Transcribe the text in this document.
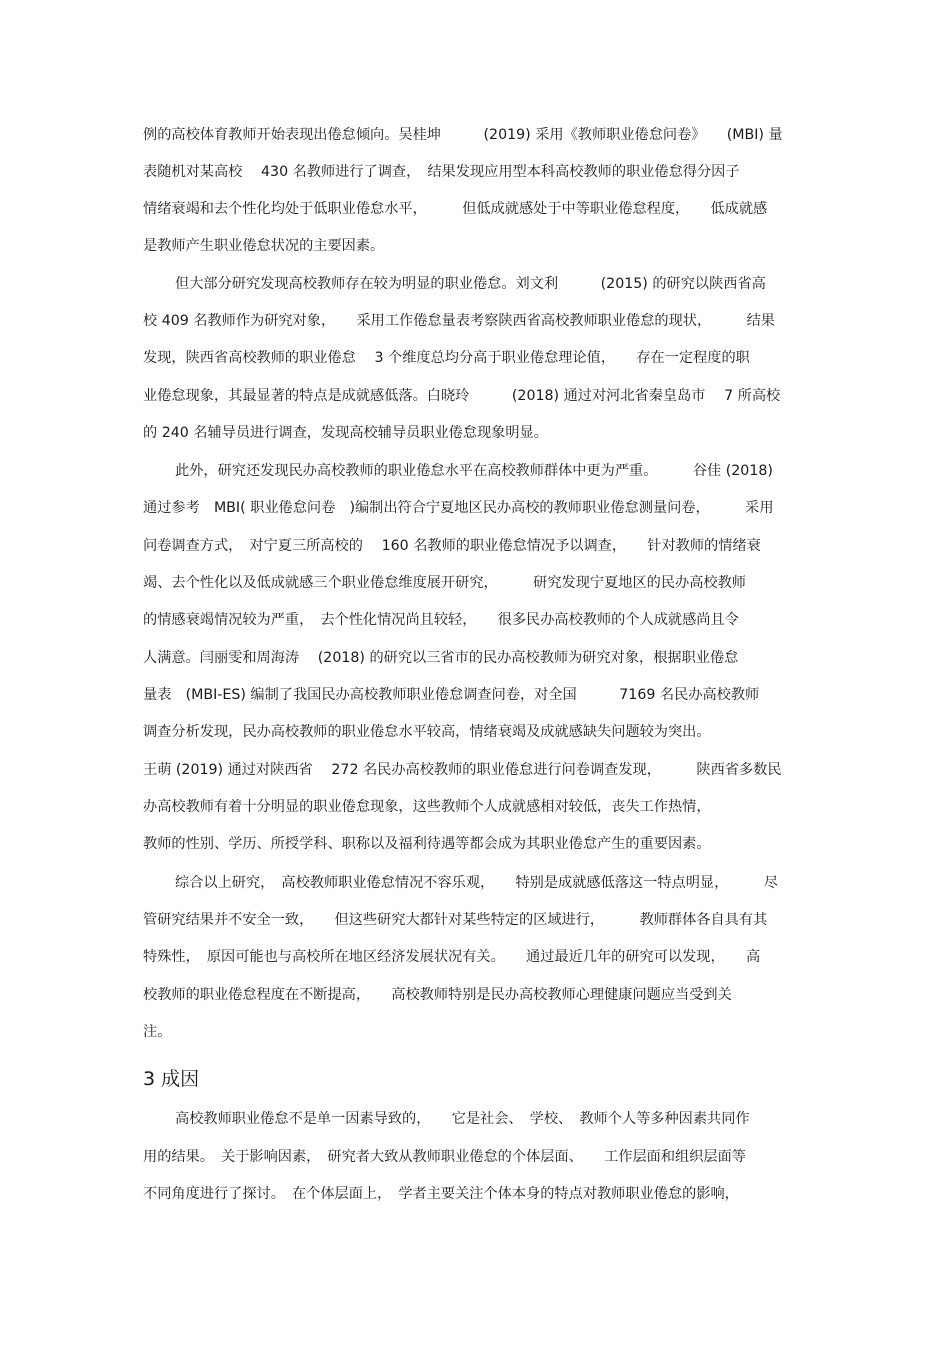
例的高校体育教师开始表现出倦怠倾向。吴桂坤　　　(2019) 采用《教师职业倦怠问卷》　　(MBI) 量
表随机对某高校　 430 名教师进行了调查，　结果发现应用型本科高校教师的职业倦怠得分因子
情绪衰竭和去个性化均处于低职业倦怠水平，　　　但低成就感处于中等职业倦怠程度，　　低成就感
是教师产生职业倦怠状况的主要因素。
但大部分研究发现高校教师存在较为明显的职业倦怠。刘文利　　　(2015) 的研究以陕西省高
校 409 名教师作为研究对象，　　采用工作倦怠量表考察陕西省高校教师职业倦怠的现状，　　　结果
发现，陕西省高校教师的职业倦怠　 3 个维度总均分高于职业倦怠理论值，　　存在一定程度的职
业倦怠现象，其最显著的特点是成就感低落。白晓玲　　　(2018) 通过对河北省秦皇岛市　 7 所高校
的 240 名辅导员进行调查，发现高校辅导员职业倦怠现象明显。
此外，研究还发现民办高校教师的职业倦怠水平在高校教师群体中更为严重。　　　谷佳 (2018)
通过参考　MBI( 职业倦怠问卷　)编制出符合宁夏地区民办高校的教师职业倦怠测量问卷，　　　采用
问卷调查方式，　对宁夏三所高校的　 160 名教师的职业倦怠情况予以调查，　　针对教师的情绪衰
竭、去个性化以及低成就感三个职业倦怠维度展开研究，　　　研究发现宁夏地区的民办高校教师
的情感衰竭情况较为严重，　去个性化情况尚且较轻，　　很多民办高校教师的个人成就感尚且令
人满意。闫丽雯和周海涛　 (2018) 的研究以三省市的民办高校教师为研究对象，根据职业倦怠
量表　(MBI-ES) 编制了我国民办高校教师职业倦怠调查问卷，对全国　　　7169 名民办高校教师
调查分析发现，民办高校教师的职业倦怠水平较高，情绪衰竭及成就感缺失问题较为突出。
王萌 (2019) 通过对陕西省　 272 名民办高校教师的职业倦怠进行问卷调查发现，　　　陕西省多数民
办高校教师有着十分明显的职业倦怠现象，这些教师个人成就感相对较低，丧失工作热情，
教师的性别、学历、所授学科、职称以及福利待遇等都会成为其职业倦怠产生的重要因素。
综合以上研究，　高校教师职业倦怠情况不容乐观，　　特别是成就感低落这一特点明显，　　　尽
管研究结果并不安全一致，　　但这些研究大都针对某些特定的区域进行，　　　教师群体各自具有其
特殊性，　原因可能也与高校所在地区经济发展状况有关。　　通过最近几年的研究可以发现，　　高
校教师的职业倦怠程度在不断提高，　　高校教师特别是民办高校教师心理健康问题应当受到关
注。
3 成因
高校教师职业倦怠不是单一因素导致的，　　它是社会、　学校、　教师个人等多种因素共同作
用的结果。　关于影响因素，　研究者大致从教师职业倦怠的个体层面、　　工作层面和组织层面等
不同角度进行了探讨。　在个体层面上，　学者主要关注个体本身的特点对教师职业倦怠的影响，
